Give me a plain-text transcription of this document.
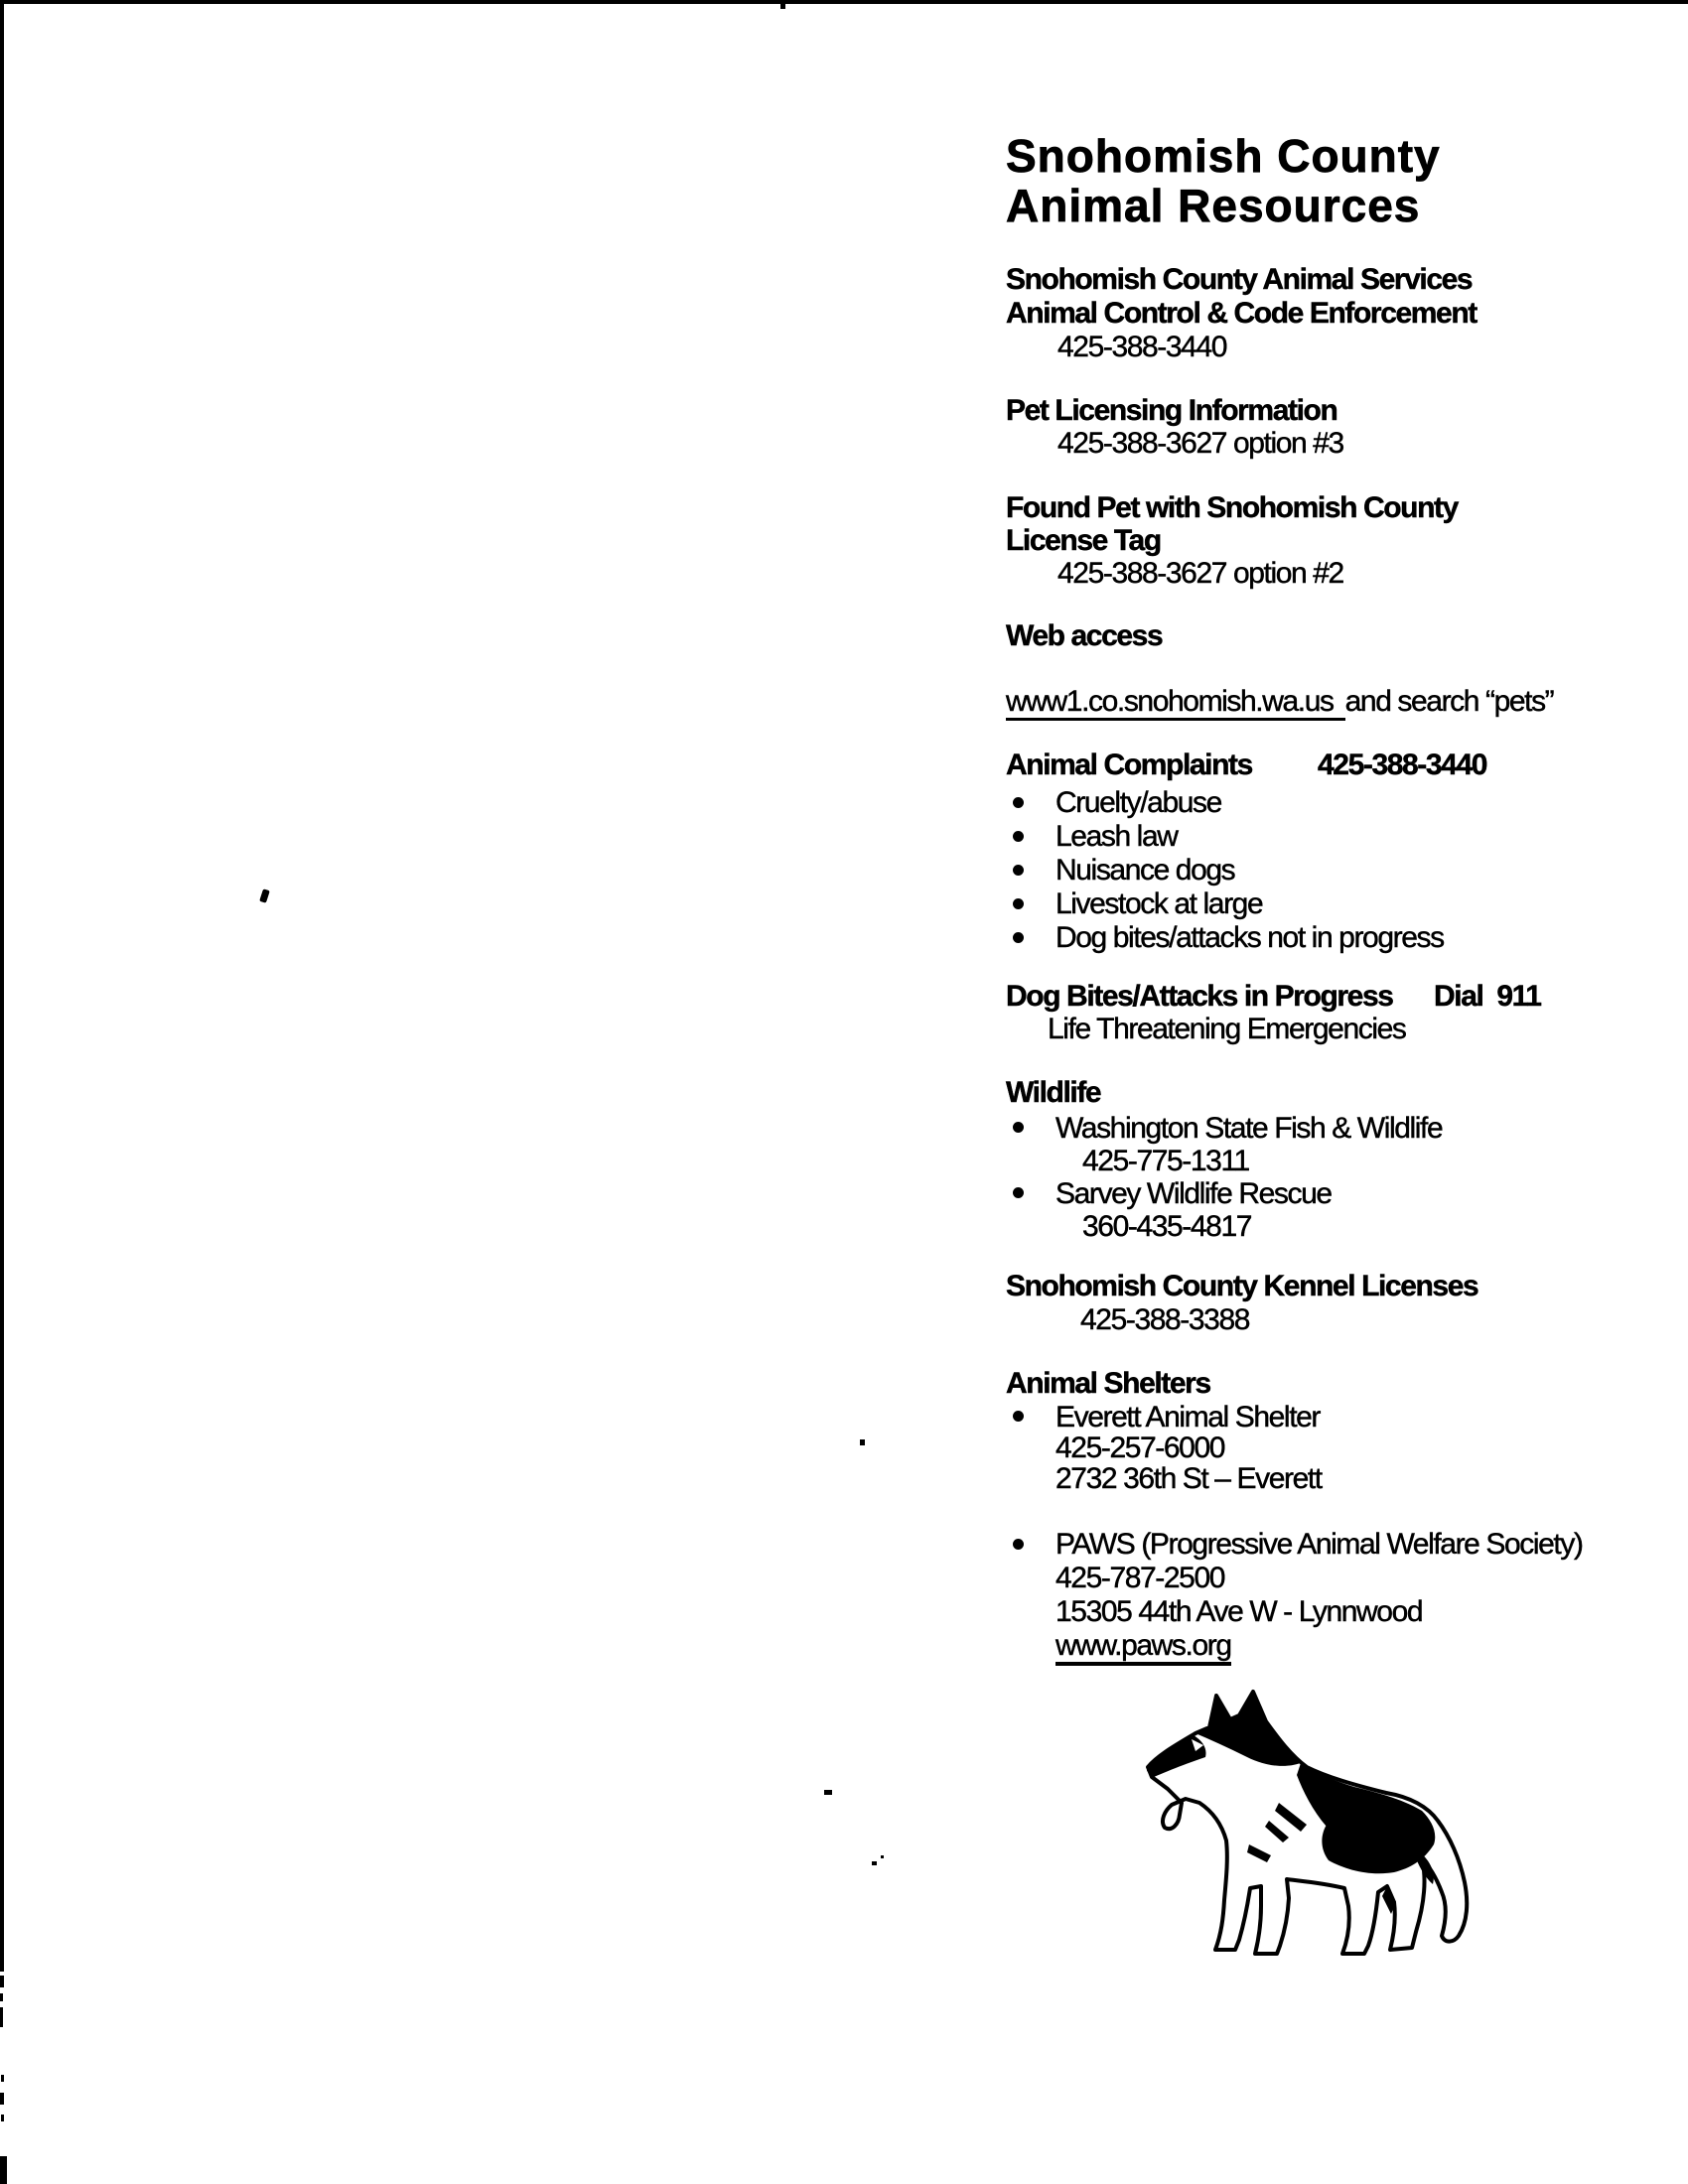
Snohomish County
Animal Resources
Snohomish County Animal Services
Animal Control & Code Enforcement
425-388-3440
Pet Licensing Information
425-388-3627 option #3
Found Pet with Snohomish County
License Tag
425-388-3627 option #2
Web access
www1.co.snohomish.wa.us and search “pets”
Animal Complaints 425-388-3440
Cruelty/abuse
Leash law
Nuisance dogs
Livestock at large
Dog bites/attacks not in progress
Dog Bites/Attacks in Progress Dial 911
Life Threatening Emergencies
Wildlife
Washington State Fish & Wildlife
425-775-1311
Sarvey Wildlife Rescue
360-435-4817
Snohomish County Kennel Licenses
425-388-3388
Animal Shelters
Everett Animal Shelter
425-257-6000
2732 36th St – Everett
PAWS (Progressive Animal Welfare Society)
425-787-2500
15305 44th Ave W - Lynnwood
www.paws.org
